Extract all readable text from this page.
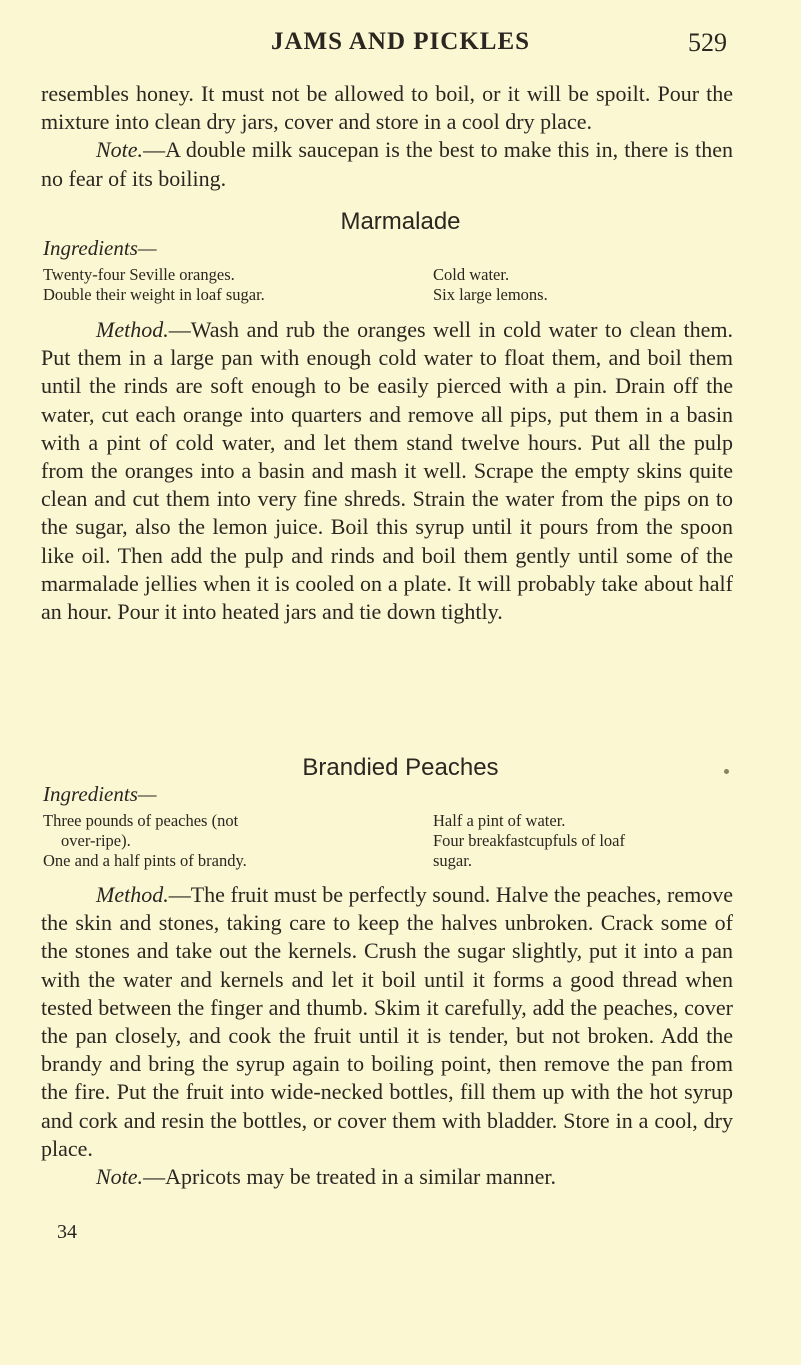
JAMS AND PICKLES	529

resembles honey. It must not be allowed to boil, or it will be spoilt. Pour the mixture into clean dry jars, cover and store in a cool dry place.

Note.—A double milk saucepan is the best to make this in, there is then no fear of its boiling.

Marmalade
Ingredients—
Twenty-four Seville oranges.
Double their weight in loaf sugar.
Cold water.
Six large lemons.

Method.—Wash and rub the oranges well in cold water to clean them. Put them in a large pan with enough cold water to float them, and boil them until the rinds are soft enough to be easily pierced with a pin. Drain off the water, cut each orange into quarters and remove all pips, put them in a basin with a pint of cold water, and let them stand twelve hours. Put all the pulp from the oranges into a basin and mash it well. Scrape the empty skins quite clean and cut them into very fine shreds. Strain the water from the pips on to the sugar, also the lemon juice. Boil this syrup until it pours from the spoon like oil. Then add the pulp and rinds and boil them gently until some of the marmalade jellies when it is cooled on a plate. It will probably take about half an hour. Pour it into heated jars and tie down tightly.

Brandied Peaches
Ingredients—
Three pounds of peaches (not
over-ripe).
One and a half pints of brandy.
Half a pint of water.
Four breakfastcupfuls of loaf
sugar.

Method.—The fruit must be perfectly sound. Halve the peaches, remove the skin and stones, taking care to keep the halves unbroken. Crack some of the stones and take out the kernels. Crush the sugar slightly, put it into a pan with the water and kernels and let it boil until it forms a good thread when tested between the finger and thumb. Skim it carefully, add the peaches, cover the pan closely, and cook the fruit until it is tender, but not broken. Add the brandy and bring the syrup again to boiling point, then remove the pan from the fire. Put the fruit into wide-necked bottles, fill them up with the hot syrup and cork and resin the bottles, or cover them with bladder. Store in a cool, dry place.

Note.—Apricots may be treated in a similar manner.

34
